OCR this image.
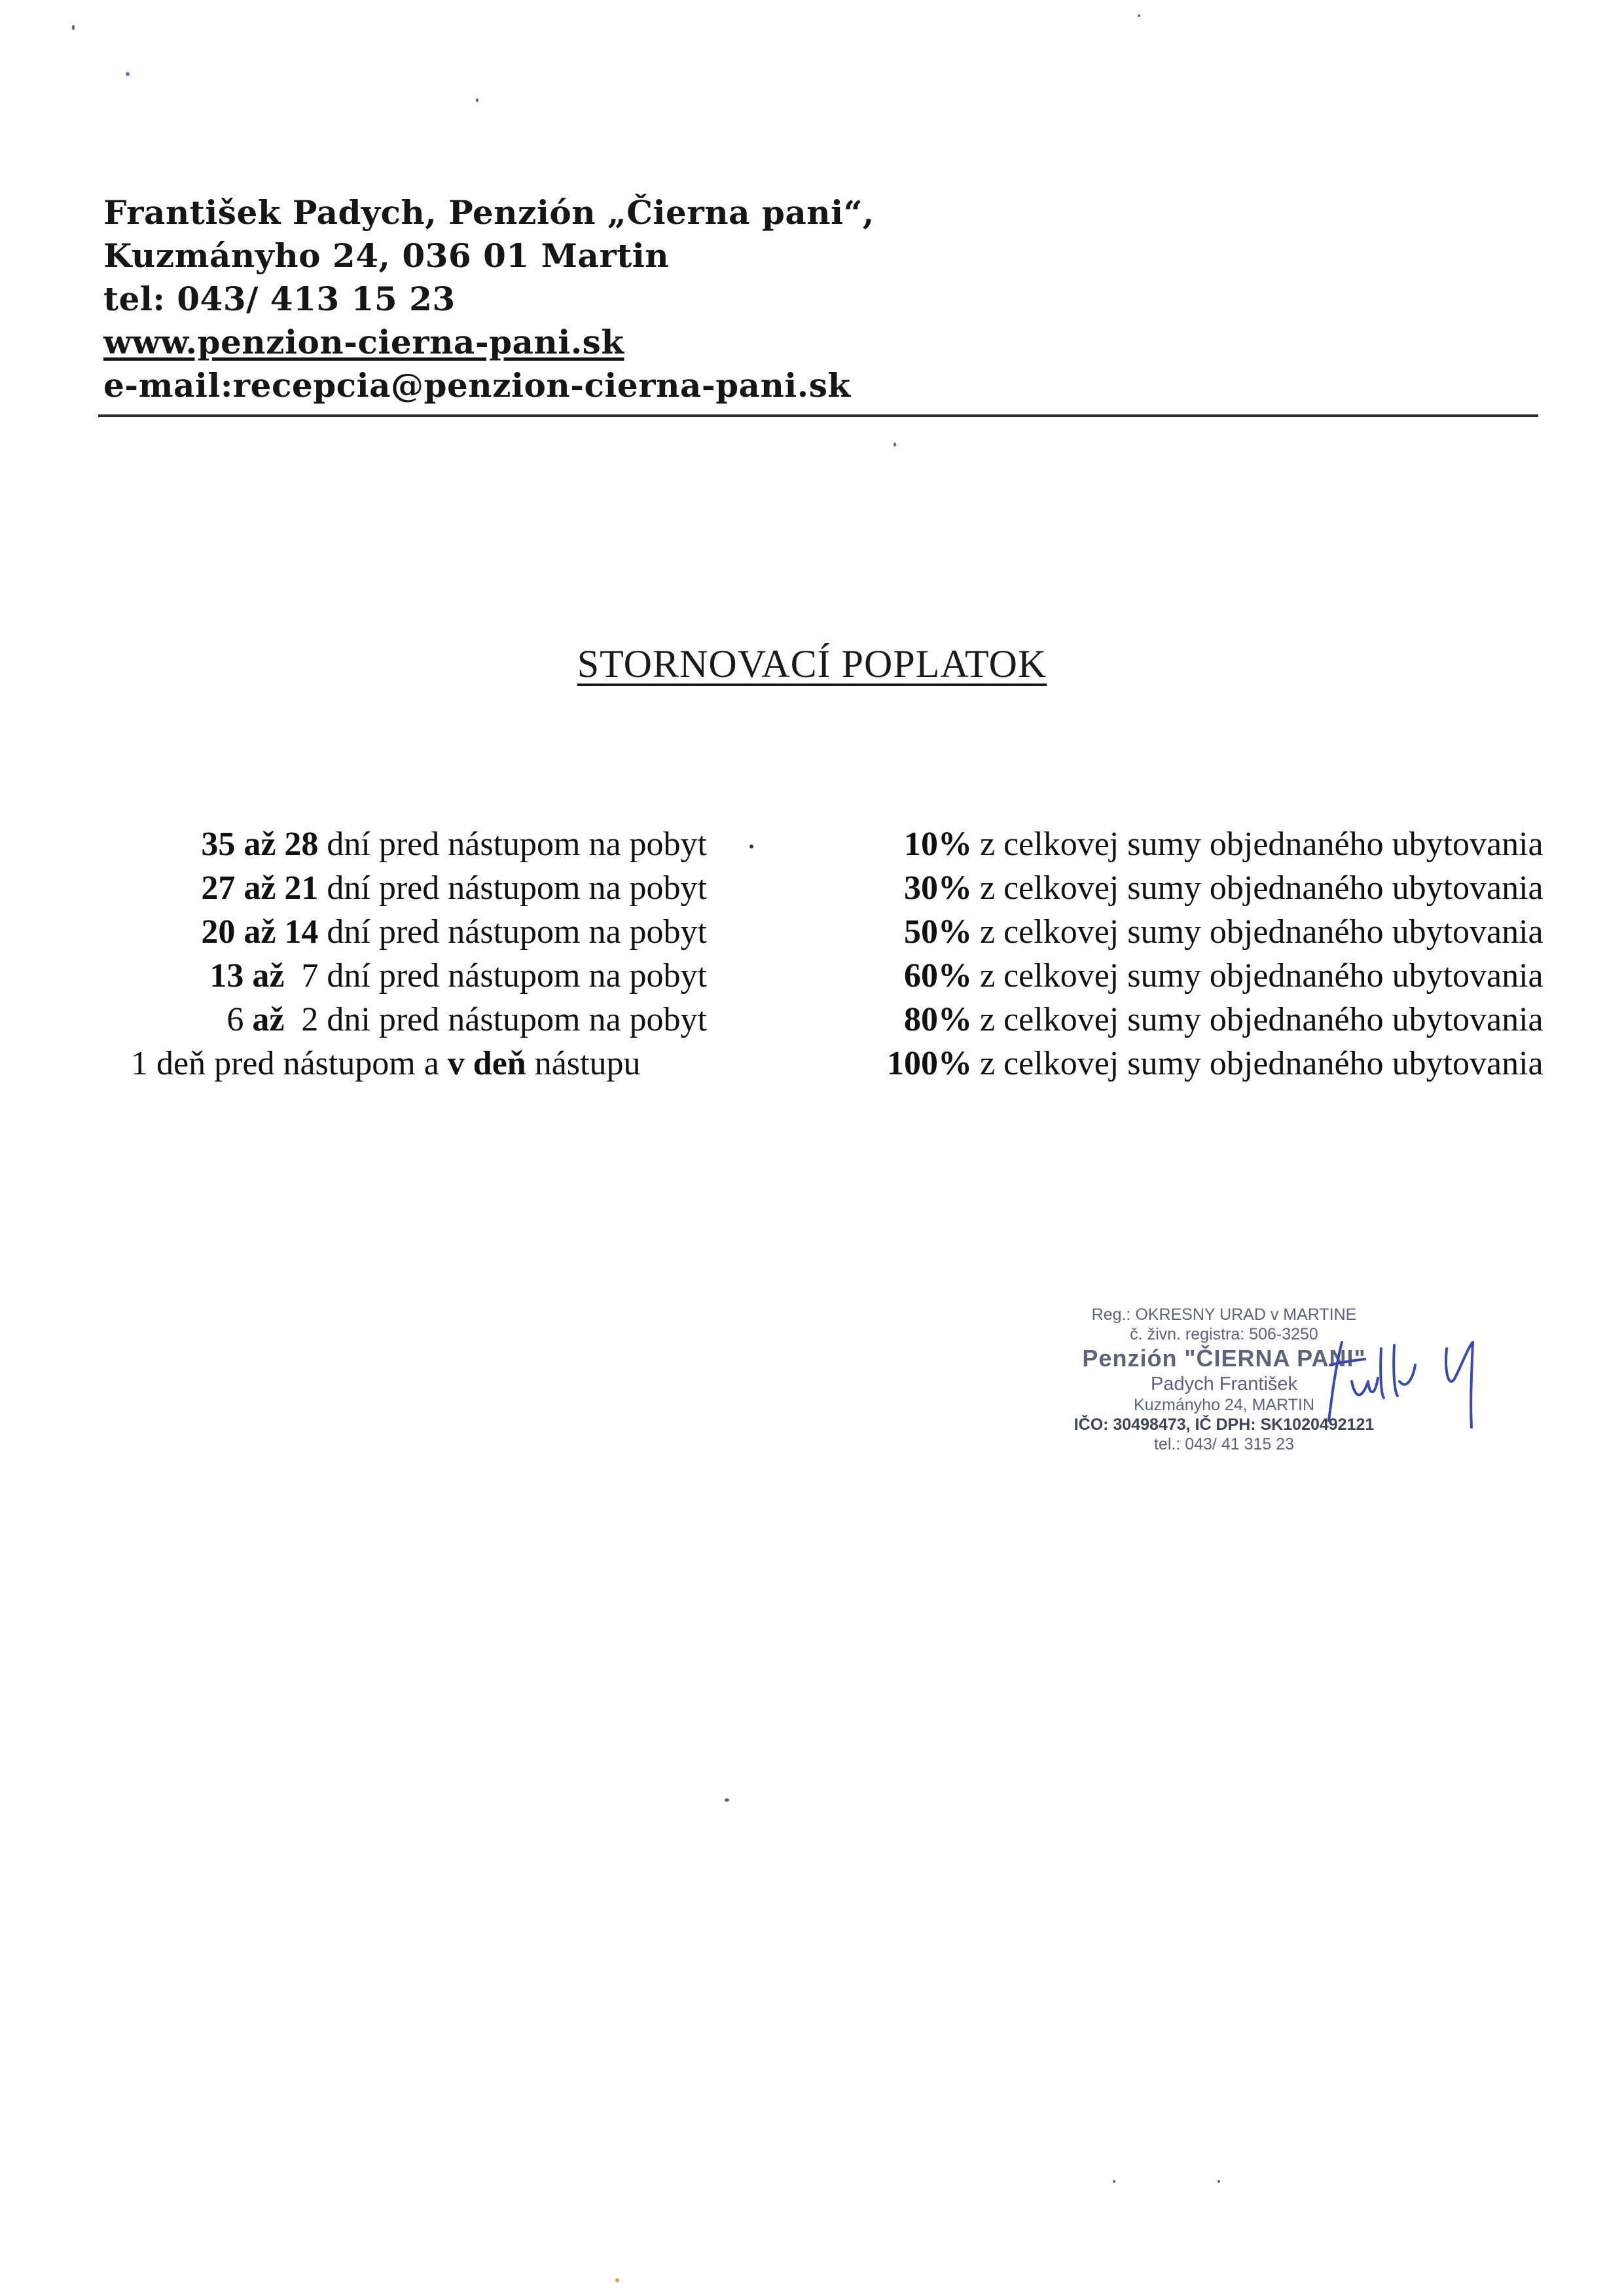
František Padych, Penzión „Čierna pani“,
Kuzmányho 24, 036 01 Martin
tel: 043/ 413 15 23
www.penzion-cierna-pani.sk
e-mail:recepcia@penzion-cierna-pani.sk
STORNOVACÍ POPLATOK
35 až 28 dní pred nástupom na pobyt	10% z celkovej sumy objednaného ubytovania
27 až 21 dní pred nástupom na pobyt	30% z celkovej sumy objednaného ubytovania
20 až 14 dní pred nástupom na pobyt	50% z celkovej sumy objednaného ubytovania
13 až 7 dní pred nástupom na pobyt	60% z celkovej sumy objednaného ubytovania
6 až 2 dni pred nástupom na pobyt	80% z celkovej sumy objednaného ubytovania
1 deň pred nástupom a v deň nástupu	100% z celkovej sumy objednaného ubytovania
Reg.: OKRESNY URAD v MARTINE
č. živn. registra: 506-3250
Penzión "ČIERNA PANI"
Padych František
Kuzmányho 24, MARTIN
IČO: 30498473, IČ DPH: SK1020492121
tel.: 043/ 41 315 23
